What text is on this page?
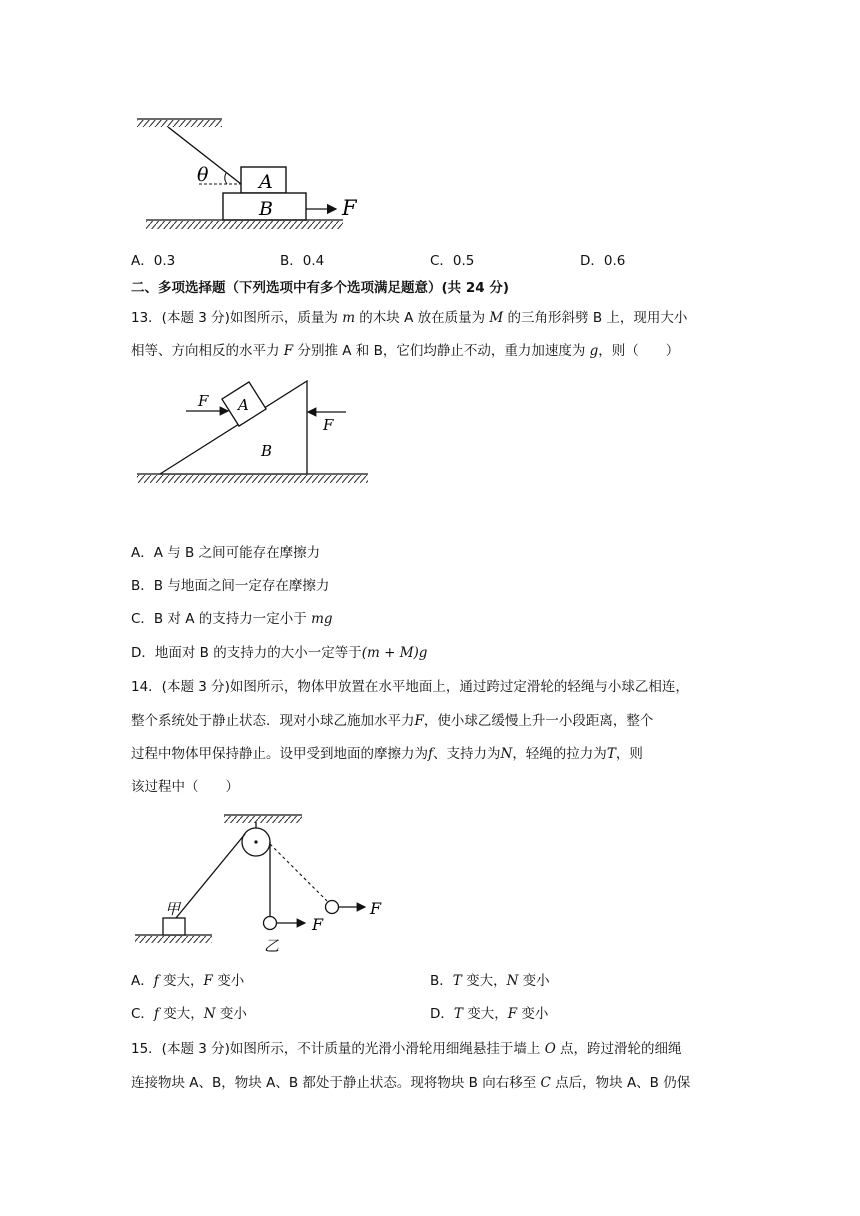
θ	A
B	F
A．0.3	B．0.4	C．0.5	D．0.6
二、多项选择题（下列选项中有多个选项满足题意）(共 24 分)
13．(本题 3 分)如图所示，质量为 m 的木块 A 放在质量为 M 的三角形斜劈 B 上，现用大小
相等、方向相反的水平力 F 分别推 A 和 B，它们均静止不动，重力加速度为 g，则（　　）
B
A
F
F
A．A 与 B 之间可能存在摩擦力
B．B 与地面之间一定存在摩擦力
C．B 对 A 的支持力一定小于 mg
D．地面对 B 的支持力的大小一定等于(m + M)g
14．(本题 3 分)如图所示，物体甲放置在水平地面上，通过跨过定滑轮的轻绳与小球乙相连，
整个系统处于静止状态．现对小球乙施加水平力F，使小球乙缓慢上升一小段距离，整个
过程中物体甲保持静止。设甲受到地面的摩擦力为f、支持力为N，轻绳的拉力为T，则
该过程中（　　）
甲
F
乙
F
A．f 变大，F 变小	B．T 变大，N 变小
C．f 变大，N 变小	D．T 变大，F 变小
15．(本题 3 分)如图所示，不计质量的光滑小滑轮用细绳悬挂于墙上 O 点，跨过滑轮的细绳
连接物块 A、B，物块 A、B 都处于静止状态。现将物块 B 向右移至 C 点后，物块 A、B 仍保
